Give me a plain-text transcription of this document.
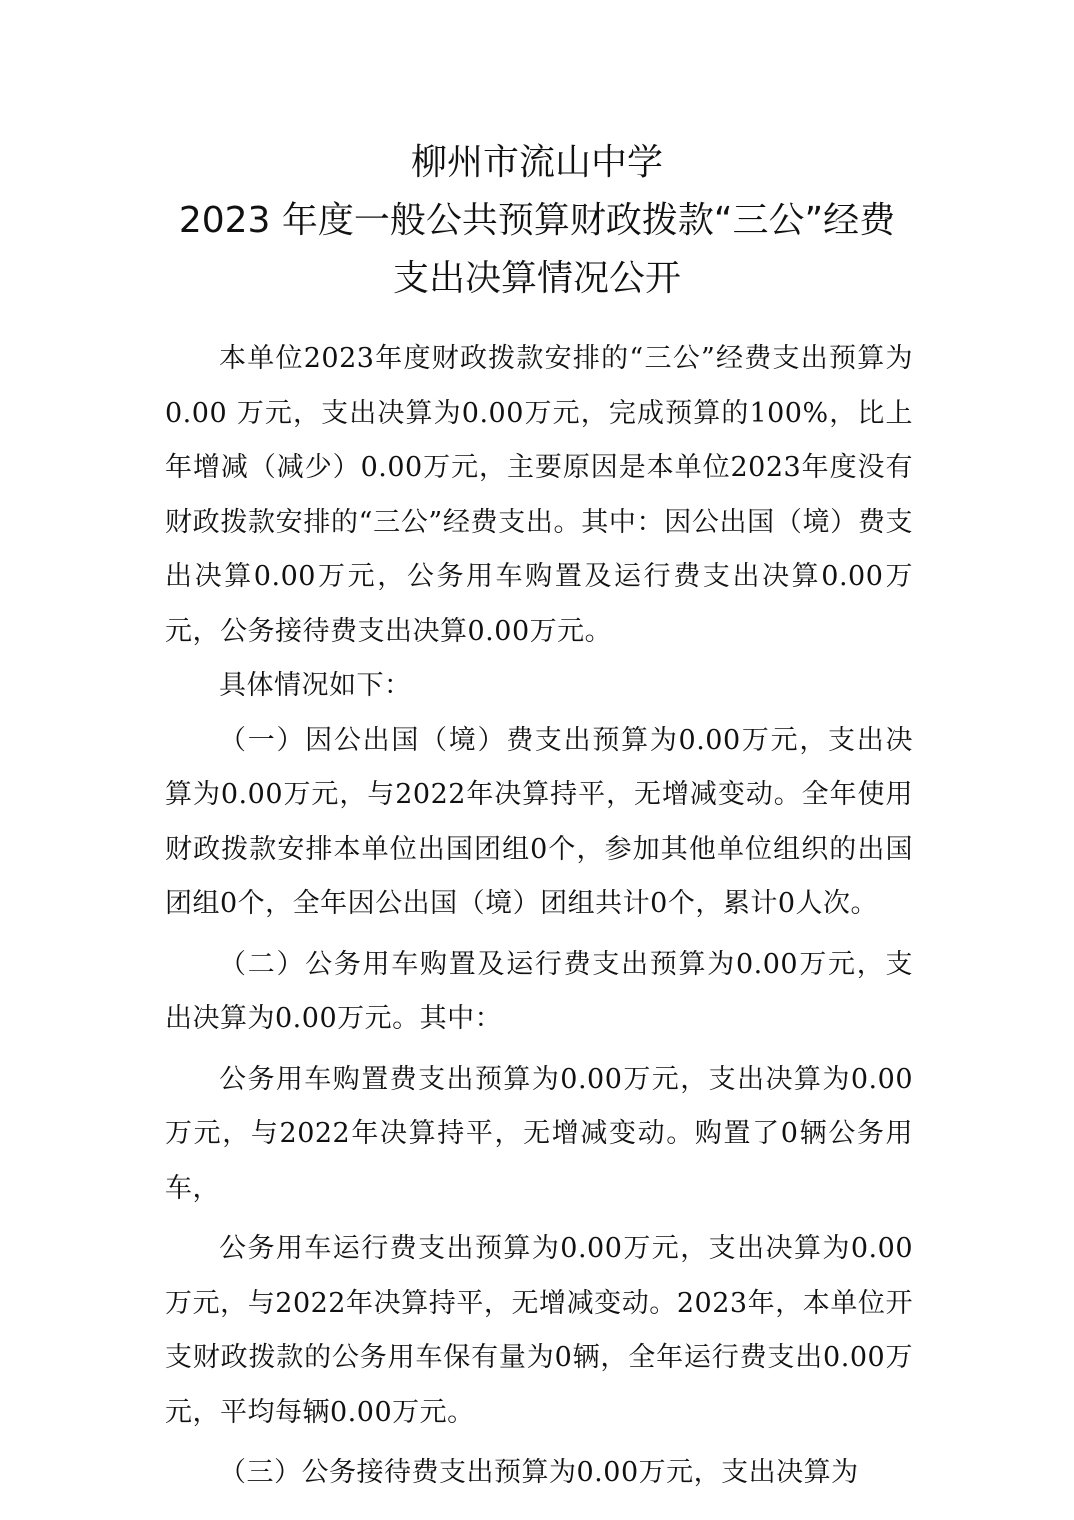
柳州市流山中学
2023 年度一般公共预算财政拨款“三公”经费
支出决算情况公开

本单位2023年度财政拨款安排的“三公”经费支出预算为0.00 万元，支出决算为0.00万元，完成预算的100%，比上年增减（减少）0.00万元，主要原因是本单位2023年度没有财政拨款安排的“三公”经费支出。其中：因公出国（境）费支出决算0.00万元，公务用车购置及运行费支出决算0.00万元，公务接待费支出决算0.00万元。

具体情况如下：

（一）因公出国（境）费支出预算为0.00万元，支出决算为0.00万元，与2022年决算持平，无增减变动。全年使用财政拨款安排本单位出国团组0个，参加其他单位组织的出国团组0个，全年因公出国（境）团组共计0个，累计0人次。

（二）公务用车购置及运行费支出预算为0.00万元，支出决算为0.00万元。其中：

公务用车购置费支出预算为0.00万元，支出决算为0.00万元，与2022年决算持平，无增减变动。购置了0辆公务用车，

公务用车运行费支出预算为0.00万元，支出决算为0.00万元，与2022年决算持平，无增减变动。2023年，本单位开支财政拨款的公务用车保有量为0辆，全年运行费支出0.00万元，平均每辆0.00万元。

（三）公务接待费支出预算为0.00万元，支出决算为
